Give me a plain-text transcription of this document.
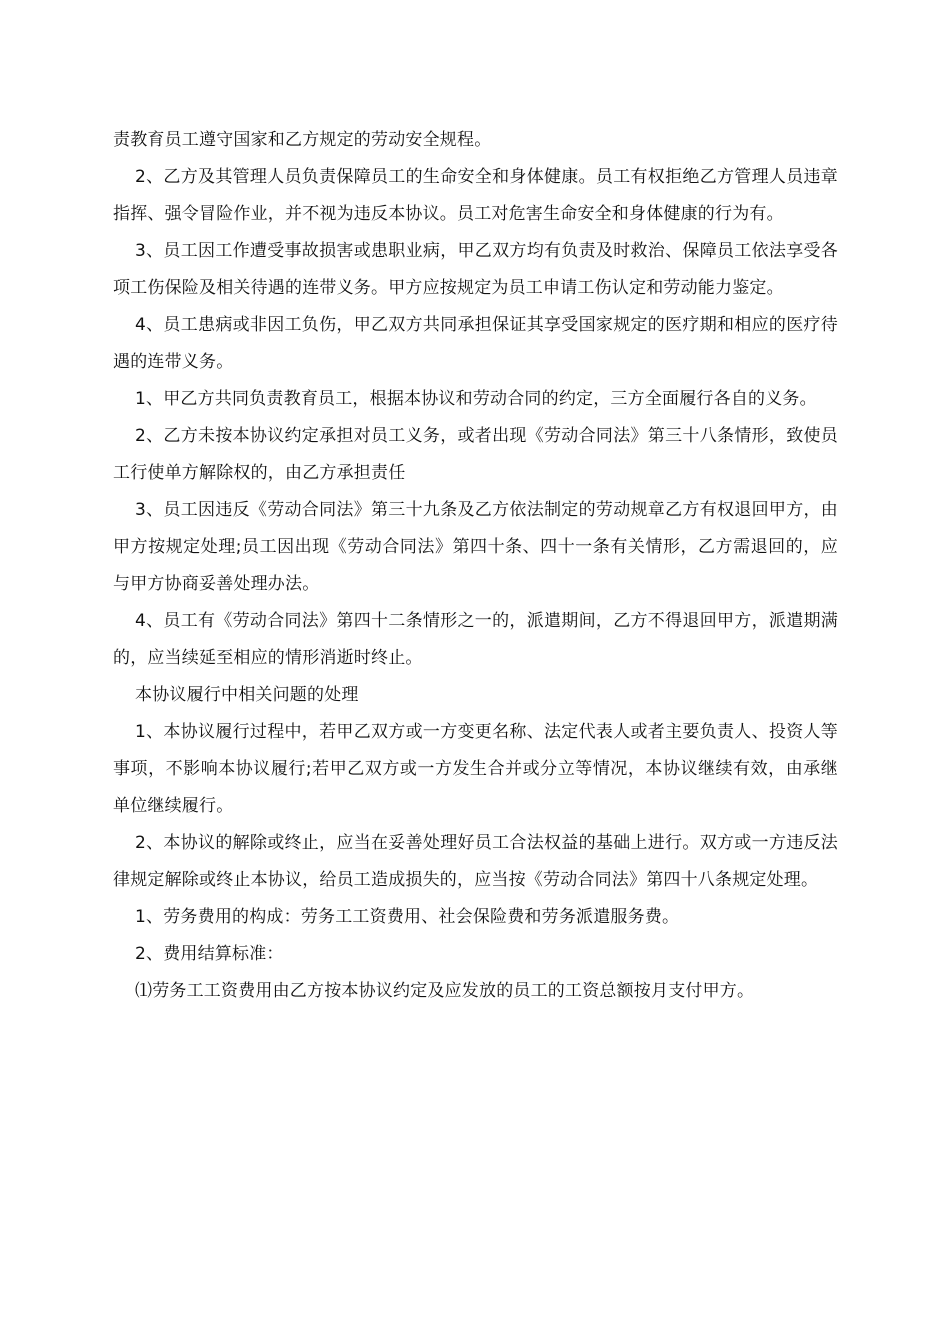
责教育员工遵守国家和乙方规定的劳动安全规程。

2、乙方及其管理人员负责保障员工的生命安全和身体健康。员工有权拒绝乙方管理人员违章指挥、强令冒险作业，并不视为违反本协议。员工对危害生命安全和身体健康的行为有。

3、员工因工作遭受事故损害或患职业病，甲乙双方均有负责及时救治、保障员工依法享受各项工伤保险及相关待遇的连带义务。甲方应按规定为员工申请工伤认定和劳动能力鉴定。

4、员工患病或非因工负伤，甲乙双方共同承担保证其享受国家规定的医疗期和相应的医疗待遇的连带义务。

1、甲乙方共同负责教育员工，根据本协议和劳动合同的约定，三方全面履行各自的义务。

2、乙方未按本协议约定承担对员工义务，或者出现《劳动合同法》第三十八条情形，致使员工行使单方解除权的，由乙方承担责任

3、员工因违反《劳动合同法》第三十九条及乙方依法制定的劳动规章乙方有权退回甲方，由甲方按规定处理;员工因出现《劳动合同法》第四十条、四十一条有关情形，乙方需退回的，应与甲方协商妥善处理办法。

4、员工有《劳动合同法》第四十二条情形之一的，派遣期间，乙方不得退回甲方，派遣期满的，应当续延至相应的情形消逝时终止。

本协议履行中相关问题的处理

1、本协议履行过程中，若甲乙双方或一方变更名称、法定代表人或者主要负责人、投资人等事项，不影响本协议履行;若甲乙双方或一方发生合并或分立等情况，本协议继续有效，由承继单位继续履行。

2、本协议的解除或终止，应当在妥善处理好员工合法权益的基础上进行。双方或一方违反法律规定解除或终止本协议，给员工造成损失的，应当按《劳动合同法》第四十八条规定处理。

1、劳务费用的构成：劳务工工资费用、社会保险费和劳务派遣服务费。

2、费用结算标准：

⑴劳务工工资费用由乙方按本协议约定及应发放的员工的工资总额按月支付甲方。
